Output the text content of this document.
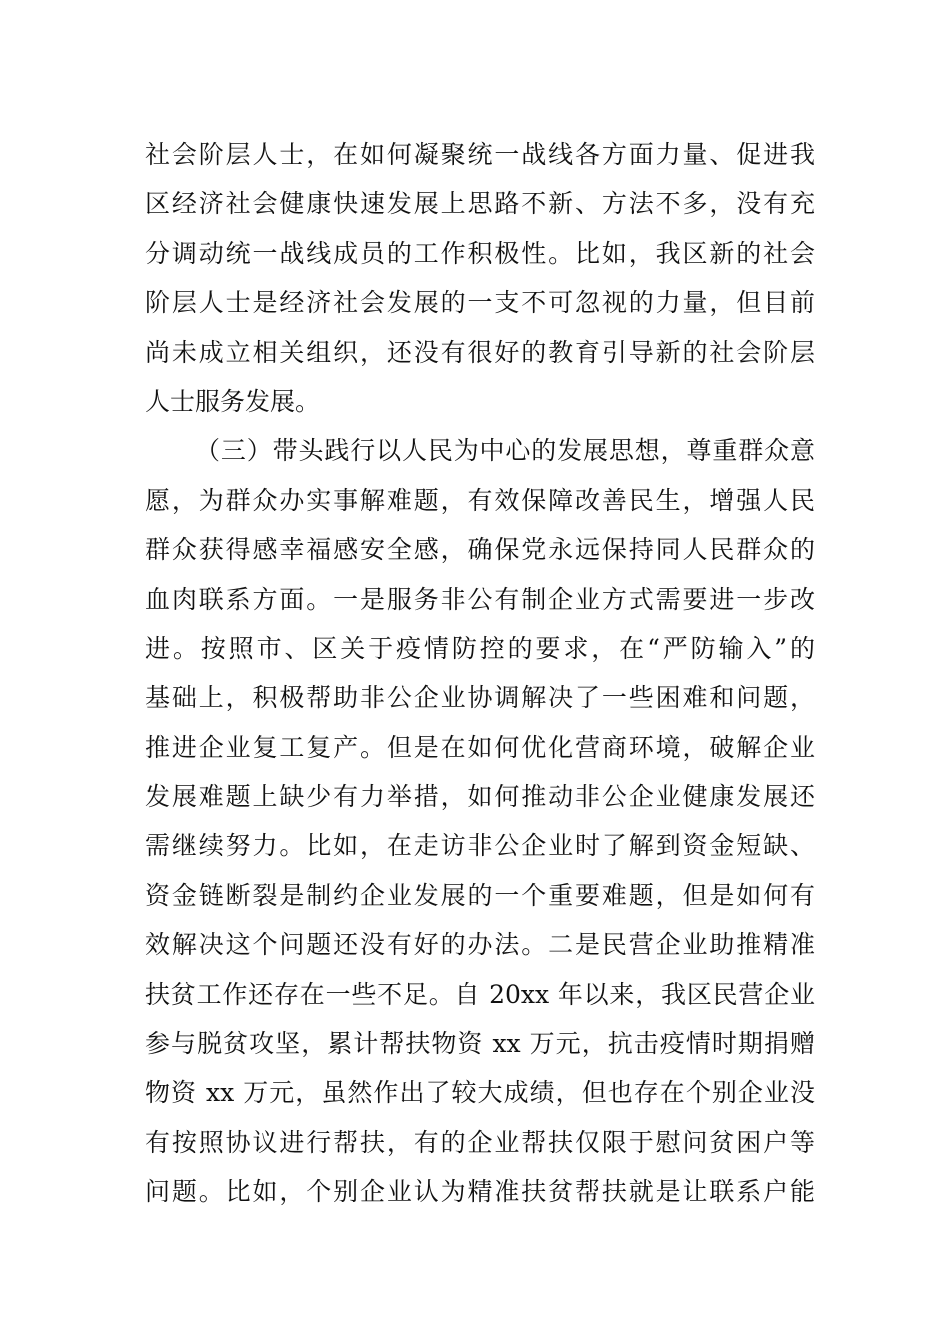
社会阶层人士，在如何凝聚统一战线各方面力量、促进我
区经济社会健康快速发展上思路不新、方法不多，没有充
分调动统一战线成员的工作积极性。比如，我区新的社会
阶层人士是经济社会发展的一支不可忽视的力量，但目前
尚未成立相关组织，还没有很好的教育引导新的社会阶层
人士服务发展。
（三）带头践行以人民为中心的发展思想，尊重群众意
愿，为群众办实事解难题，有效保障改善民生，增强人民
群众获得感幸福感安全感，确保党永远保持同人民群众的
血肉联系方面。一是服务非公有制企业方式需要进一步改
进。按照市、区关于疫情防控的要求，在“严防输入”的
基础上，积极帮助非公企业协调解决了一些困难和问题，
推进企业复工复产。但是在如何优化营商环境，破解企业
发展难题上缺少有力举措，如何推动非公企业健康发展还
需继续努力。比如，在走访非公企业时了解到资金短缺、
资金链断裂是制约企业发展的一个重要难题，但是如何有
效解决这个问题还没有好的办法。二是民营企业助推精准
扶贫工作还存在一些不足。自 20xx 年以来，我区民营企业
参与脱贫攻坚，累计帮扶物资 xx 万元，抗击疫情时期捐赠
物资 xx 万元，虽然作出了较大成绩，但也存在个别企业没
有按照协议进行帮扶，有的企业帮扶仅限于慰问贫困户等
问题。比如，个别企业认为精准扶贫帮扶就是让联系户能
